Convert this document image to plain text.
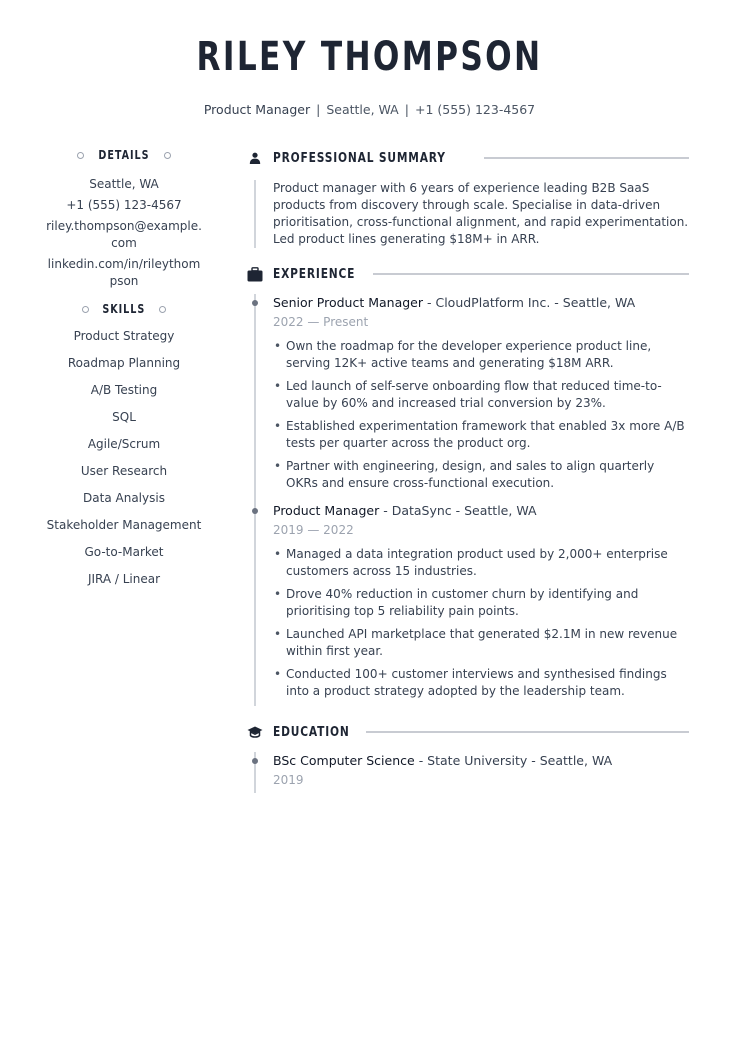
RILEY THOMPSON
Product Manager | Seattle, WA | +1 (555) 123-4567
DETAILS
Seattle, WA
+1 (555) 123-4567
riley.thompson@example.com
linkedin.com/in/rileythompson
SKILLS
Product Strategy
Roadmap Planning
A/B Testing
SQL
Agile/Scrum
User Research
Data Analysis
Stakeholder Management
Go-to-Market
JIRA / Linear
PROFESSIONAL SUMMARY
Product manager with 6 years of experience leading B2B SaaS products from discovery through scale. Specialise in data-driven prioritisation, cross-functional alignment, and rapid experimentation. Led product lines generating $18M+ in ARR.
EXPERIENCE
Senior Product Manager - CloudPlatform Inc. - Seattle, WA
2022 — Present
• Own the roadmap for the developer experience product line, serving 12K+ active teams and generating $18M ARR.
• Led launch of self-serve onboarding flow that reduced time-to-value by 60% and increased trial conversion by 23%.
• Established experimentation framework that enabled 3x more A/B tests per quarter across the product org.
• Partner with engineering, design, and sales to align quarterly OKRs and ensure cross-functional execution.
Product Manager - DataSync - Seattle, WA
2019 — 2022
• Managed a data integration product used by 2,000+ enterprise customers across 15 industries.
• Drove 40% reduction in customer churn by identifying and prioritising top 5 reliability pain points.
• Launched API marketplace that generated $2.1M in new revenue within first year.
• Conducted 100+ customer interviews and synthesised findings into a product strategy adopted by the leadership team.
EDUCATION
BSc Computer Science - State University - Seattle, WA
2019
